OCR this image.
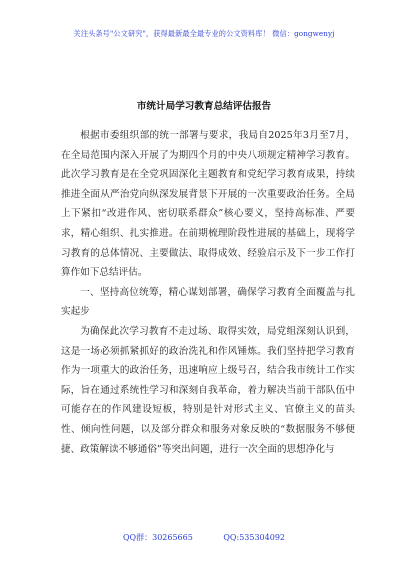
关注头条号"公文研究"，获得最新最全最专业的公文资料库！ 微信：gongwenyj
市统计局学习教育总结评估报告

根据市委组织部的统一部署与要求，我局自2025年3月至7月，在全局范围内深入开展了为期四个月的中央八项规定精神学习教育。此次学习教育是在全党巩固深化主题教育和党纪学习教育成果，持续推进全面从严治党向纵深发展背景下开展的一次重要政治任务。全局上下紧扣“改进作风、密切联系群众”核心要义，坚持高标准、严要求，精心组织、扎实推进。在前期梳理阶段性进展的基础上，现将学习教育的总体情况、主要做法、取得成效、经验启示及下一步工作打算作如下总结评估。

一、坚持高位统筹，精心谋划部署，确保学习教育全面覆盖与扎实起步

为确保此次学习教育不走过场、取得实效，局党组深刻认识到，这是一场必须抓紧抓好的政治洗礼和作风锤炼。我们坚持把学习教育作为一项重大的政治任务，迅速响应上级号召，结合我市统计工作实际，旨在通过系统性学习和深刻自我革命，着力解决当前干部队伍中可能存在的作风建设短板，特别是针对形式主义、官僚主义的苗头性、倾向性问题，以及部分群众和服务对象反映的“数据服务不够便捷、政策解读不够通俗”等突出问题，进行一次全面的思想净化与

QQ群：30265665	QQ:535304092
